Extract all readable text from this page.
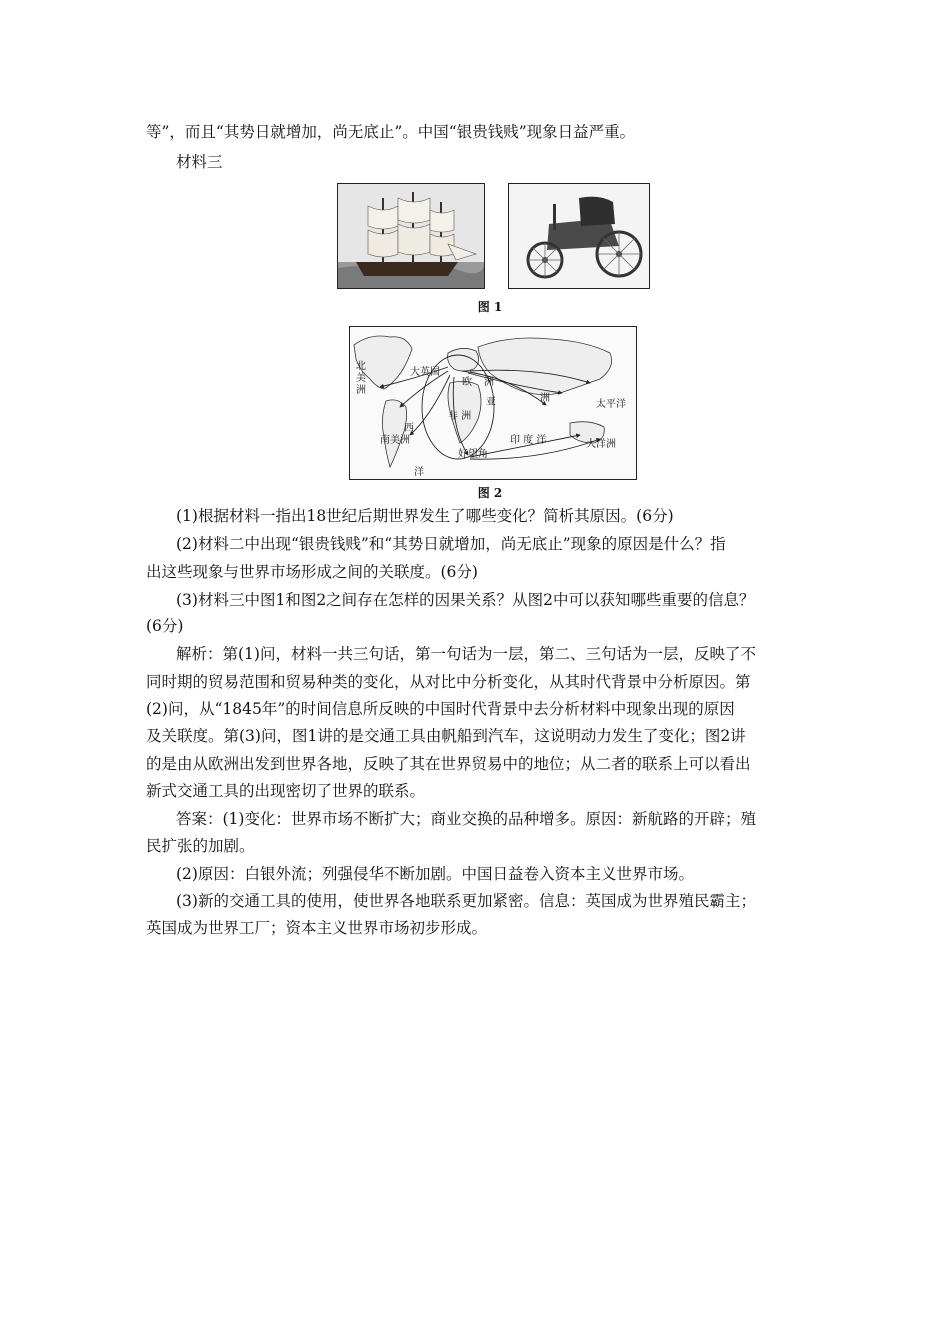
等”，而且“其势日就增加，尚无底止”。中国“银贵钱贱”现象日益严重。
材料三
图 1
北
美
洲
大英国
欧 洲
亚	洲
非 洲
太平洋
西
南美洲	印 度 洋	大洋洲
好望角
洋
图 2
(1)根据材料一指出18世纪后期世界发生了哪些变化？简析其原因。(6分)
(2)材料二中出现“银贵钱贱”和“其势日就增加，尚无底止”现象的原因是什么？指
出这些现象与世界市场形成之间的关联度。(6分)
(3)材料三中图1和图2之间存在怎样的因果关系？从图2中可以获知哪些重要的信息？
(6分)
解析：第(1)问，材料一共三句话，第一句话为一层，第二、三句话为一层，反映了不
同时期的贸易范围和贸易种类的变化，从对比中分析变化，从其时代背景中分析原因。第
(2)问，从“1845年”的时间信息所反映的中国时代背景中去分析材料中现象出现的原因
及关联度。第(3)问，图1讲的是交通工具由帆船到汽车，这说明动力发生了变化；图2讲
的是由从欧洲出发到世界各地，反映了其在世界贸易中的地位；从二者的联系上可以看出
新式交通工具的出现密切了世界的联系。
答案：(1)变化：世界市场不断扩大；商业交换的品种增多。原因：新航路的开辟；殖
民扩张的加剧。
(2)原因：白银外流；列强侵华不断加剧。中国日益卷入资本主义世界市场。
(3)新的交通工具的使用，使世界各地联系更加紧密。信息：英国成为世界殖民霸主；
英国成为世界工厂；资本主义世界市场初步形成。
